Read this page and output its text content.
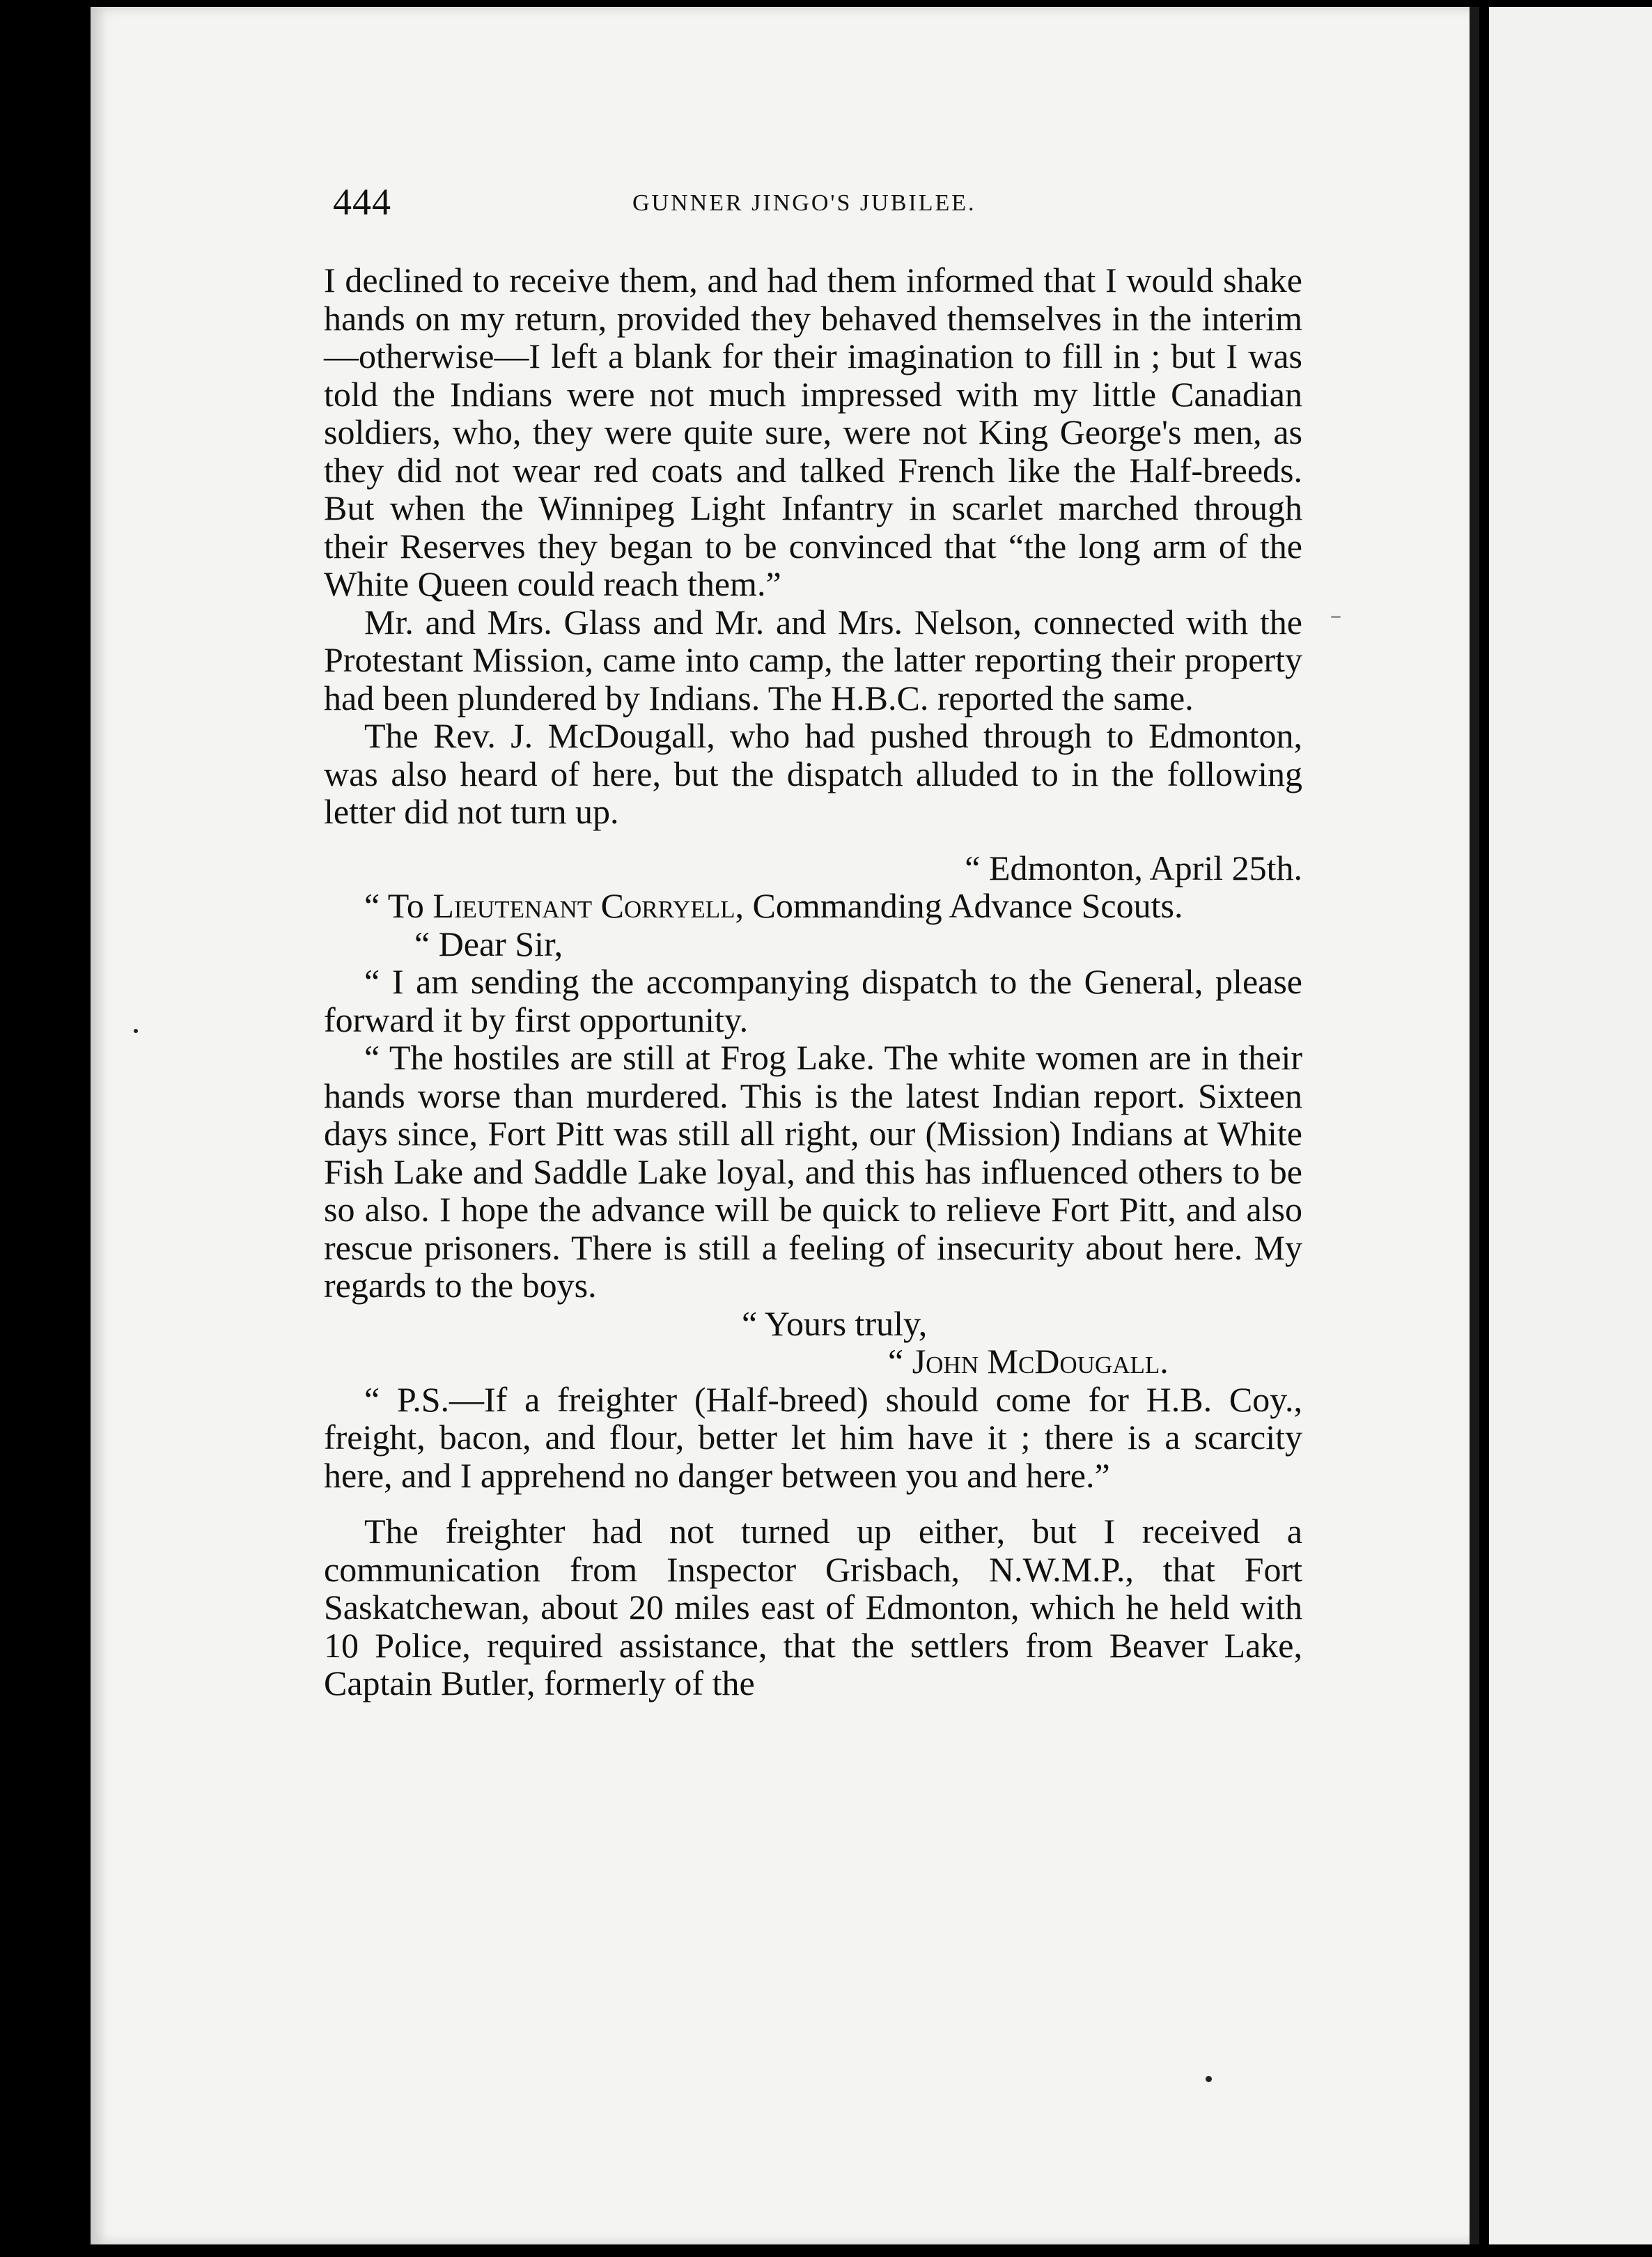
444	GUNNER JINGO'S JUBILEE.

I declined to receive them, and had them informed that I would shake hands on my return, provided they behaved themselves in the interim—otherwise—I left a blank for their imagination to fill in ; but I was told the Indians were not much impressed with my little Canadian soldiers, who, they were quite sure, were not King George's men, as they did not wear red coats and talked French like the Half-breeds. But when the Winnipeg Light Infantry in scarlet marched through their Reserves they began to be convinced that “the long arm of the White Queen could reach them.”

Mr. and Mrs. Glass and Mr. and Mrs. Nelson, connected with the Protestant Mission, came into camp, the latter reporting their property had been plundered by Indians. The H.B.C. reported the same.

The Rev. J. McDougall, who had pushed through to Edmonton, was also heard of here, but the dispatch alluded to in the following letter did not turn up.

“ Edmonton, April 25th.

“ To Lieutenant Corryell, Commanding Advance Scouts.

“ Dear Sir,

“ I am sending the accompanying dispatch to the General, please forward it by first opportunity.

“ The hostiles are still at Frog Lake. The white women are in their hands worse than murdered. This is the latest Indian report. Sixteen days since, Fort Pitt was still all right, our (Mission) Indians at White Fish Lake and Saddle Lake loyal, and this has influenced others to be so also. I hope the advance will be quick to relieve Fort Pitt, and also rescue prisoners. There is still a feeling of insecurity about here. My regards to the boys.

“ Yours truly,

“ John McDougall.

“ P.S.—If a freighter (Half-breed) should come for H.B. Coy., freight, bacon, and flour, better let him have it ; there is a scarcity here, and I apprehend no danger between you and here.”

The freighter had not turned up either, but I received a communication from Inspector Grisbach, N.W.M.P., that Fort Saskatchewan, about 20 miles east of Edmonton, which he held with 10 Police, required assistance, that the settlers from Beaver Lake, Captain Butler, formerly of the
